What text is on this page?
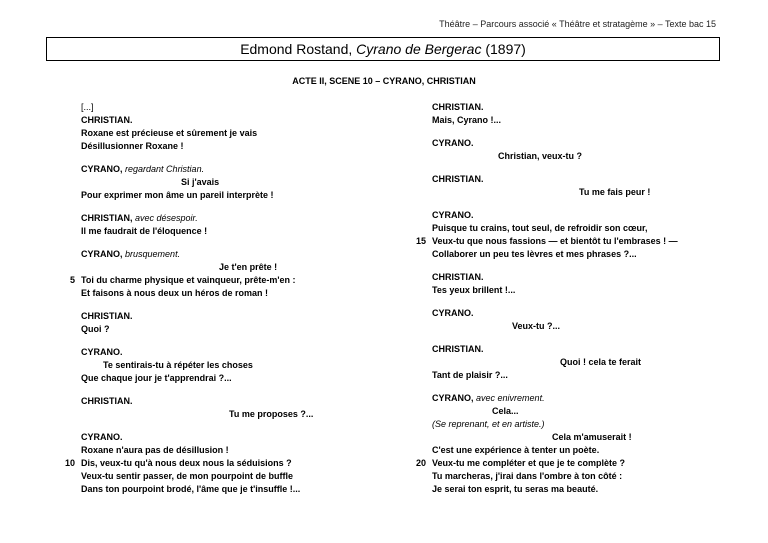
Théâtre – Parcours associé « Théâtre et stratagème » – Texte bac 15
Edmond Rostand, Cyrano de Bergerac (1897)
ACTE II, SCENE 10 – CYRANO, CHRISTIAN
[...]
CHRISTIAN.
Roxane est précieuse et sûrement je vais
Désillusionner Roxane !
CYRANO, regardant Christian.
Si j'avais
Pour exprimer mon âme un pareil interprète !
CHRISTIAN, avec désespoir.
Il me faudrait de l'éloquence !
CYRANO, brusquement.
Je t'en prête !
5 Toi du charme physique et vainqueur, prête-m'en :
Et faisons à nous deux un héros de roman !
CHRISTIAN.
Quoi ?
CYRANO.
Te sentirais-tu à répéter les choses
Que chaque jour je t'apprendrai ?...
CHRISTIAN.
Tu me proposes ?...
CYRANO.
Roxane n'aura pas de désillusion !
10 Dis, veux-tu qu'à nous deux nous la séduisions ?
Veux-tu sentir passer, de mon pourpoint de buffle
Dans ton pourpoint brodé, l'âme que je t'insuffle !...
CHRISTIAN.
Mais, Cyrano !...
CYRANO.
Christian, veux-tu ?
CHRISTIAN.
Tu me fais peur !
CYRANO.
Puisque tu crains, tout seul, de refroidir son cœur,
15 Veux-tu que nous fassions — et bientôt tu l'embrases ! —
Collaborer un peu tes lèvres et mes phrases ?...
CHRISTIAN.
Tes yeux brillent !...
CYRANO.
Veux-tu ?...
CHRISTIAN.
Quoi ! cela te ferait
Tant de plaisir ?...
CYRANO, avec enivrement.
Cela...
(Se reprenant, et en artiste.)
Cela m'amuserait !
C'est une expérience à tenter un poète.
20 Veux-tu me compléter et que je te complète ?
Tu marcheras, j'irai dans l'ombre à ton côté :
Je serai ton esprit, tu seras ma beauté.
